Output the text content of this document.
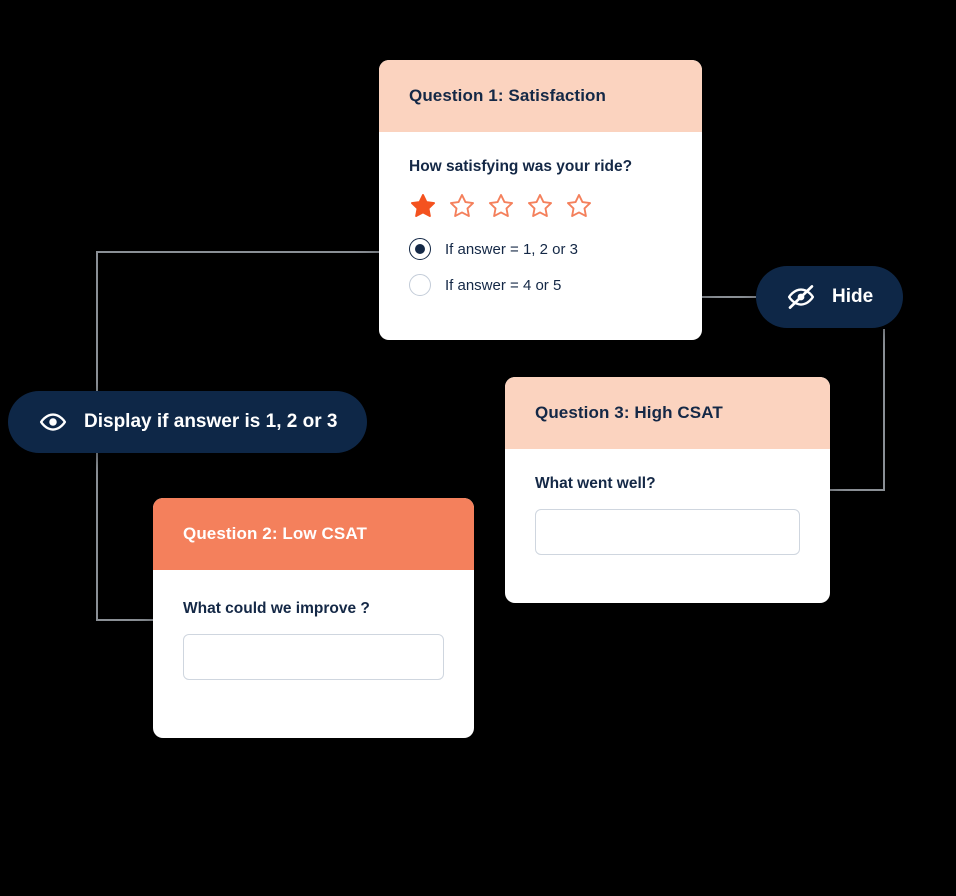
Question 1: Satisfaction

How satisfying was your ride?

If answer = 1, 2 or 3
If answer = 4 or 5
Question 3: High CSAT

What went well?

Question 2: Low CSAT

What could we improve ?

Hide
Display if answer is 1, 2 or 3
